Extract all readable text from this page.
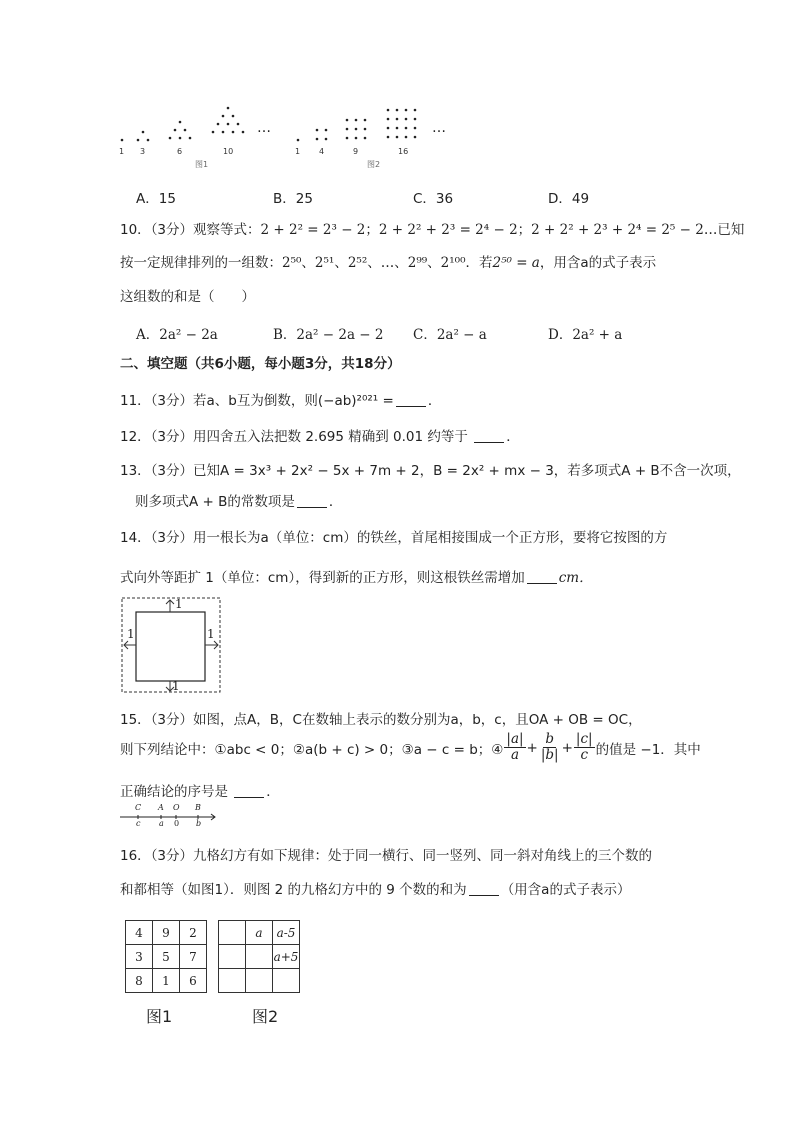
1 3	6	10
…
图1
1 4	9	16
…
图2
A．15	B．25	C．36	D．49
10．（3分）观察等式：2 + 2² = 2³ − 2；2 + 2² + 2³ = 2⁴ − 2；2 + 2² + 2³ + 2⁴ = 2⁵ − 2…已知
按一定规律排列的一组数：2⁵⁰、2⁵¹、2⁵²、…、2⁹⁹、2¹⁰⁰．若2⁵⁰ = a，用含a的式子表示
这组数的和是（　　）
A．2a² − 2a	B．2a² − 2a − 2 C．2a² − a	D．2a² + a
二、填空题（共6小题，每小题3分，共18分）
11．（3分）若a、b互为倒数，则(−ab)²⁰²¹ =	．
12．（3分）用四舍五入法把数 2.695 精确到 0.01 约等于	．
13．（3分）已知A = 3x³ + 2x² − 5x + 7m + 2，B = 2x² + mx − 3，若多项式A + B不含一次项，
则多项式A + B的常数项是	．
14．（3分）用一根长为a（单位：cm）的铁丝，首尾相接围成一个正方形，要将它按图的方
式向外等距扩 1（单位：cm），得到新的正方形，则这根铁丝需增加	cm．
1
1
1	1
15．（3分）如图，点A，B，C在数轴上表示的数分别为a，b，c，且OA + OB = OC，
则下列结论中：①abc < 0；②a(b + c) > 0；③a − c = b；④ $\frac{|a|}{a} + \frac{b}{|b|} + \frac{|c|}{c}$ 的值是 −1．其中
正确结论的序号是	．
C A O B
c a 0 b
16．（3分）九格幻方有如下规律：处于同一横行、同一竖列、同一斜对角线上的三个数的
和都相等（如图1）．则图 2 的九格幻方中的 9 个数的和为	（用含a的式子表示）
4	9	2
3	5	7
8	1	6
	a	a-5
		a+5

图1	图2
